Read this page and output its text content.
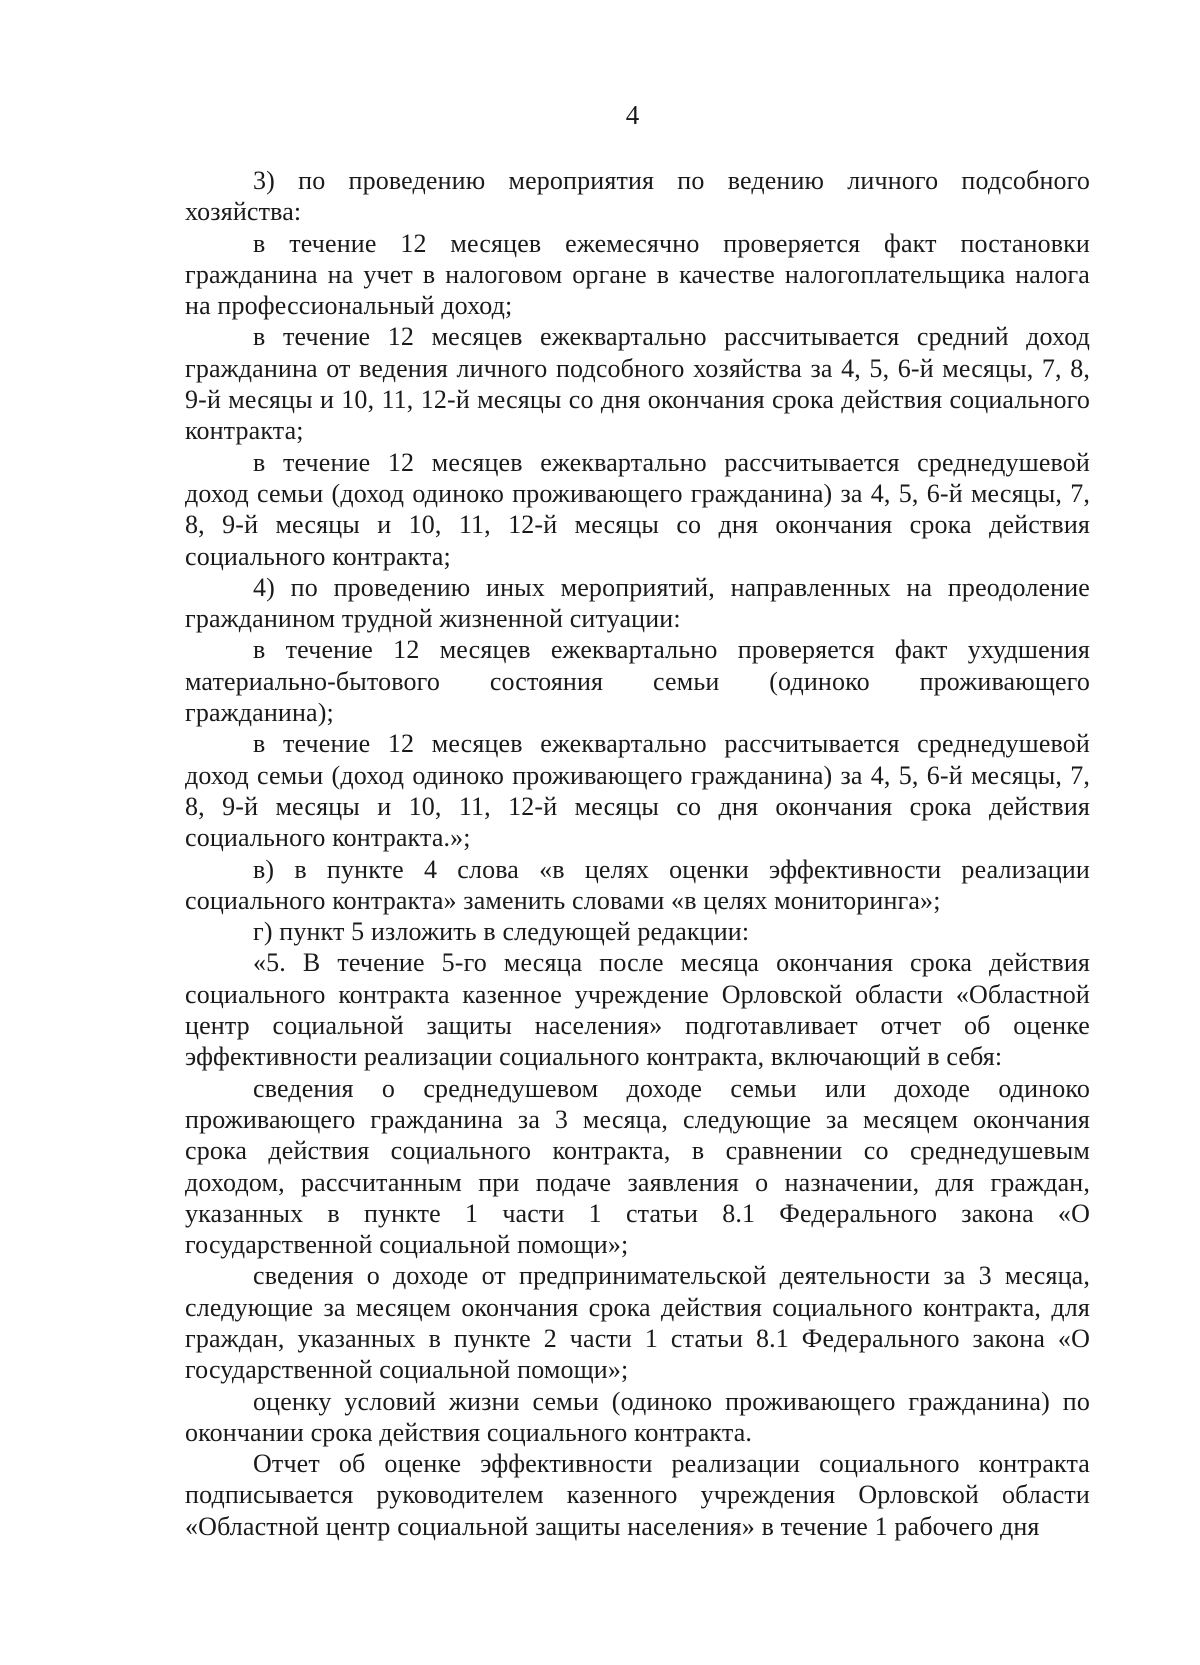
4

3) по проведению мероприятия по ведению личного подсобного хозяйства:

в течение 12 месяцев ежемесячно проверяется факт постановки гражданина на учет в налоговом органе в качестве налогоплательщика налога на профессиональный доход;

в течение 12 месяцев ежеквартально рассчитывается средний доход гражданина от ведения личного подсобного хозяйства за 4, 5, 6-й месяцы, 7, 8, 9-й месяцы и 10, 11, 12-й месяцы со дня окончания срока действия социального контракта;

в течение 12 месяцев ежеквартально рассчитывается среднедушевой доход семьи (доход одиноко проживающего гражданина) за 4, 5, 6-й месяцы, 7, 8, 9-й месяцы и 10, 11, 12-й месяцы со дня окончания срока действия социального контракта;

4) по проведению иных мероприятий, направленных на преодоление гражданином трудной жизненной ситуации:

в течение 12 месяцев ежеквартально проверяется факт ухудшения материально-бытового состояния семьи (одиноко проживающего гражданина);

в течение 12 месяцев ежеквартально рассчитывается среднедушевой доход семьи (доход одиноко проживающего гражданина) за 4, 5, 6-й месяцы, 7, 8, 9-й месяцы и 10, 11, 12-й месяцы со дня окончания срока действия социального контракта.»;

в) в пункте 4 слова «в целях оценки эффективности реализации социального контракта» заменить словами «в целях мониторинга»;

г) пункт 5 изложить в следующей редакции:

«5. В течение 5-го месяца после месяца окончания срока действия социального контракта казенное учреждение Орловской области «Областной центр социальной защиты населения» подготавливает отчет об оценке эффективности реализации социального контракта, включающий в себя:

сведения о среднедушевом доходе семьи или доходе одиноко проживающего гражданина за 3 месяца, следующие за месяцем окончания срока действия социального контракта, в сравнении со среднедушевым доходом, рассчитанным при подаче заявления о назначении, для граждан, указанных в пункте 1 части 1 статьи 8.1 Федерального закона «О государственной социальной помощи»;

сведения о доходе от предпринимательской деятельности за 3 месяца, следующие за месяцем окончания срока действия социального контракта, для граждан, указанных в пункте 2 части 1 статьи 8.1 Федерального закона «О государственной социальной помощи»;

оценку условий жизни семьи (одиноко проживающего гражданина) по окончании срока действия социального контракта.

Отчет об оценке эффективности реализации социального контракта подписывается руководителем казенного учреждения Орловской области «Областной центр социальной защиты населения» в течение 1 рабочего дня
